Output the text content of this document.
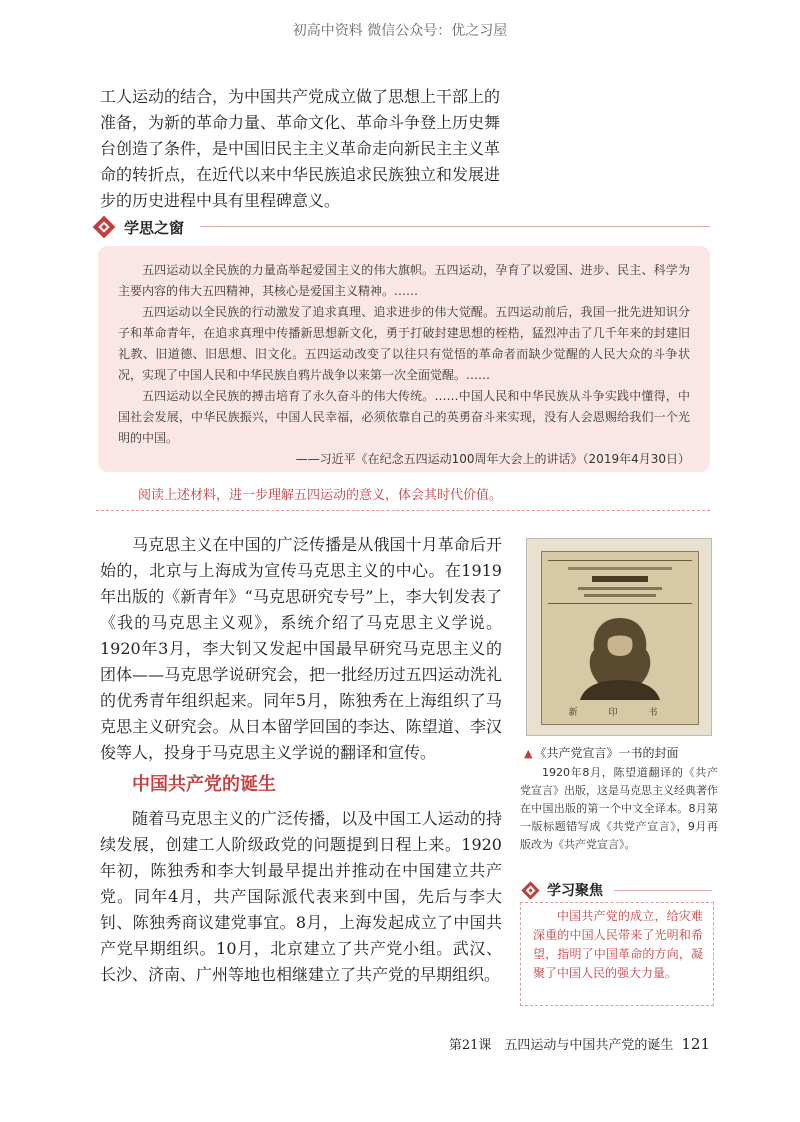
初高中资料 微信公众号：优之习屋

工人运动的结合，为中国共产党成立做了思想上干部上的准备，为新的革命力量、革命文化、革命斗争登上历史舞台创造了条件，是中国旧民主主义革命走向新民主主义革命的转折点，在近代以来中华民族追求民族独立和发展进步的历史进程中具有里程碑意义。

学思之窗

五四运动以全民族的力量高举起爱国主义的伟大旗帜。五四运动，孕育了以爱国、进步、民主、科学为主要内容的伟大五四精神，其核心是爱国主义精神。……

五四运动以全民族的行动激发了追求真理、追求进步的伟大觉醒。五四运动前后，我国一批先进知识分子和革命青年，在追求真理中传播新思想新文化，勇于打破封建思想的桎梏，猛烈冲击了几千年来的封建旧礼教、旧道德、旧思想、旧文化。五四运动改变了以往只有觉悟的革命者而缺少觉醒的人民大众的斗争状况，实现了中国人民和中华民族自鸦片战争以来第一次全面觉醒。……

五四运动以全民族的搏击培育了永久奋斗的伟大传统。……中国人民和中华民族从斗争实践中懂得，中国社会发展，中华民族振兴，中国人民幸福，必须依靠自己的英勇奋斗来实现，没有人会恩赐给我们一个光明的中国。

——习近平《在纪念五四运动100周年大会上的讲话》（2019年4月30日）

阅读上述材料，进一步理解五四运动的意义，体会其时代价值。

马克思主义在中国的广泛传播是从俄国十月革命后开始的，北京与上海成为宣传马克思主义的中心。在1919年出版的《新青年》“马克思研究专号”上，李大钊发表了《我的马克思主义观》，系统介绍了马克思主义学说。1920年3月，李大钊又发起中国最早研究马克思主义的团体——马克思学说研究会，把一批经历过五四运动洗礼的优秀青年组织起来。同年5月，陈独秀在上海组织了马克思主义研究会。从日本留学回国的李达、陈望道、李汉俊等人，投身于马克思主义学说的翻译和宣传。

中国共产党的诞生

随着马克思主义的广泛传播，以及中国工人运动的持续发展，创建工人阶级政党的问题提到日程上来。1920年初，陈独秀和李大钊最早提出并推动在中国建立共产党。同年4月，共产国际派代表来到中国，先后与李大钊、陈独秀商议建党事宜。8月，上海发起成立了中国共产党早期组织。10月，北京建立了共产党小组。武汉、长沙、济南、广州等地也相继建立了共产党的早期组织。

新 印 书
▲ 《共产党宣言》一书的封面

1920年8月，陈望道翻译的《共产党宣言》出版，这是马克思主义经典著作在中国出版的第一个中文全译本。8月第一版标题错写成《共党产宣言》，9月再版改为《共产党宣言》。

学习聚焦

中国共产党的成立，给灾难深重的中国人民带来了光明和希望，指明了中国革命的方向，凝聚了中国人民的强大力量。

第21课　五四运动与中国共产党的诞生 121
